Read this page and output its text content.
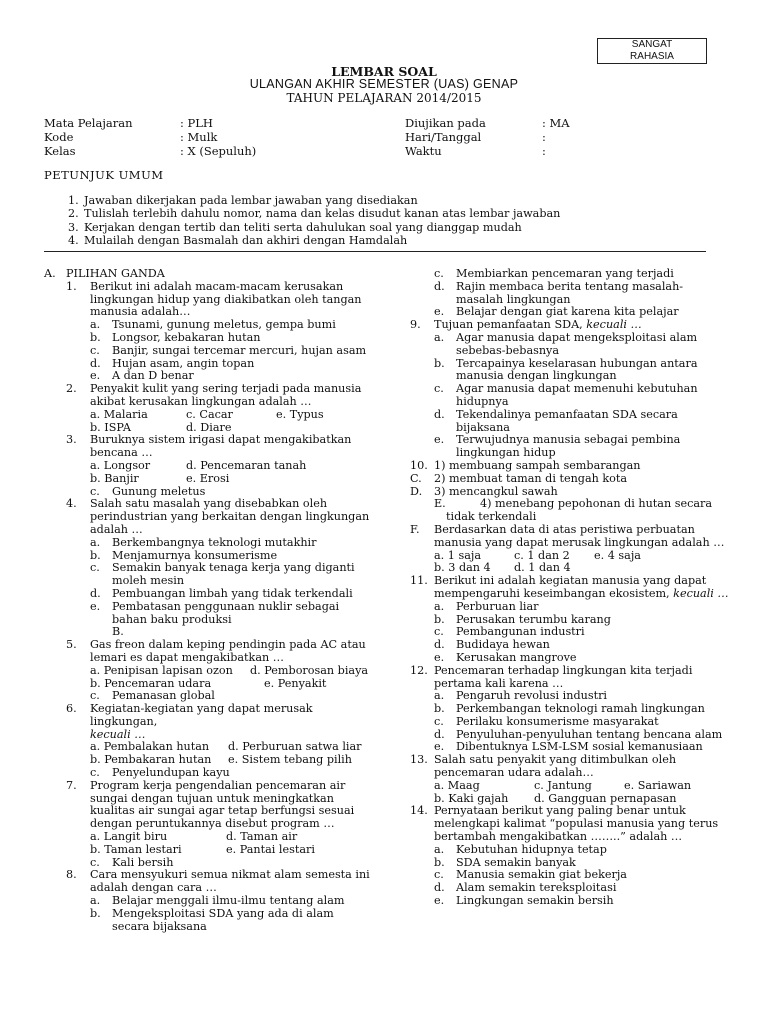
SANGAT
RAHASIA
LEMBAR SOAL
ULANGAN AKHIR SEMESTER (UAS) GENAP
TAHUN PELAJARAN 2014/2015
Mata Pelajaran	: PLH
Kode	: Mulk
Kelas	: X (Sepuluh)
Diujikan pada	: MA
Hari/Tanggal	:
Waktu	:
PETUNJUK UMUM
1. Jawaban dikerjakan pada lembar jawaban yang disediakan
2. Tulislah terlebih dahulu nomor, nama dan kelas disudut kanan atas lembar jawaban
3. Kerjakan dengan tertib dan teliti serta dahulukan soal yang dianggap mudah
4. Mulailah dengan Basmalah dan akhiri dengan Hamdalah
A. PILIHAN GANDA
1.	Berikut ini adalah macam-macam kerusakan lingkungan hidup yang diakibatkan oleh tangan manusia adalah…
a.	Tsunami, gunung meletus, gempa bumi
b.	Longsor, kebakaran hutan
c.	Banjir, sungai tercemar mercuri, hujan asam
d.	Hujan asam, angin topan
e.	A dan D benar
2.	Penyakit kulit yang sering terjadi pada manusia akibat kerusakan lingkungan adalah …
a. Malaria	c. Cacar	e. Typus
b. ISPA	d. Diare
3.	Buruknya sistem irigasi dapat mengakibatkan bencana …
a. Longsor	d. Pencemaran tanah
b. Banjir	e. Erosi
c.	Gunung meletus
4.	Salah satu masalah yang disebabkan oleh perindustrian yang berkaitan dengan lingkungan adalah …
a.	Berkembangnya teknologi mutakhir
b.	Menjamurnya konsumerisme
c.	Semakin banyak tenaga kerja yang diganti moleh mesin
d.	Pembuangan limbah yang tidak terkendali
e.	Pembatasan penggunaan nuklir sebagai bahan baku produksi
B.
5.	Gas freon dalam keping pendingin pada AC atau lemari es dapat mengakibatkan …
a. Penipisan lapisan ozon	d. Pemborosan biaya
b. Pencemaran udara	e. Penyakit
c.	Pemanasan global
6.	Kegiatan-kegiatan yang dapat merusak lingkungan,
kecuali …
a. Pembalakan hutan	d. Perburuan satwa liar
b. Pembakaran hutan	e. Sistem tebang pilih
c.	Penyelundupan kayu
7.	Program kerja pengendalian pencemaran air sungai dengan tujuan untuk meningkatkan kualitas air sungai agar tetap berfungsi sesuai dengan peruntukannya disebut program …
a. Langit biru	d. Taman air
b. Taman lestari	e. Pantai lestari
c.	Kali bersih
8.	Cara mensyukuri semua nikmat alam semesta ini adalah dengan cara …
a.	Belajar menggali ilmu-ilmu tentang alam
b.	Mengeksploitasi SDA yang ada di alam secara bijaksana
c.	Membiarkan pencemaran yang terjadi
d.	Rajin membaca berita tentang masalah-masalah lingkungan
e.	Belajar dengan giat karena kita pelajar
9.	Tujuan pemanfaatan SDA, kecuali …
a.	Agar manusia dapat mengeksploitasi alam sebebas-bebasnya
b.	Tercapainya keselarasan hubungan antara manusia dengan lingkungan
c.	Agar manusia dapat memenuhi kebutuhan hidupnya
d.	Tekendalinya pemanfaatan SDA secara bijaksana
e.	Terwujudnya manusia sebagai pembina lingkungan hidup
10. 1) membuang sampah sembarangan
C.	2) membuat taman di tengah kota
D.	3) mencangkul sawah
E.	4) menebang pepohonan di hutan secara
tidak terkendali
F.	Berdasarkan data di atas peristiwa perbuatan manusia yang dapat merusak lingkungan adalah …
a. 1 saja	c. 1 dan 2	e. 4 saja
b. 3 dan 4	d. 1 dan 4
11. Berikut ini adalah kegiatan manusia yang dapat mempengaruhi keseimbangan ekosistem, kecuali …
a.	Perburuan liar
b.	Perusakan terumbu karang
c.	Pembangunan industri
d.	Budidaya hewan
e.	Kerusakan mangrove
12. Pencemaran terhadap lingkungan kita terjadi pertama kali karena …
a.	Pengaruh revolusi industri
b.	Perkembangan teknologi ramah lingkungan
c.	Perilaku konsumerisme masyarakat
d.	Penyuluhan-penyuluhan tentang bencana alam
e.	Dibentuknya LSM-LSM sosial kemanusiaan
13. Salah satu penyakit yang ditimbulkan oleh pencemaran udara adalah…
a. Maag	c. Jantung	e. Sariawan
b. Kaki gajah	d. Gangguan pernapasan
14. Pernyataan berikut yang paling benar untuk melengkapi kalimat “populasi manusia yang terus bertambah mengakibatkan ……..” adalah …
a.	Kebutuhan hidupnya tetap
b.	SDA semakin banyak
c.	Manusia semakin giat bekerja
d.	Alam semakin tereksploitasi
e.	Lingkungan semakin bersih
